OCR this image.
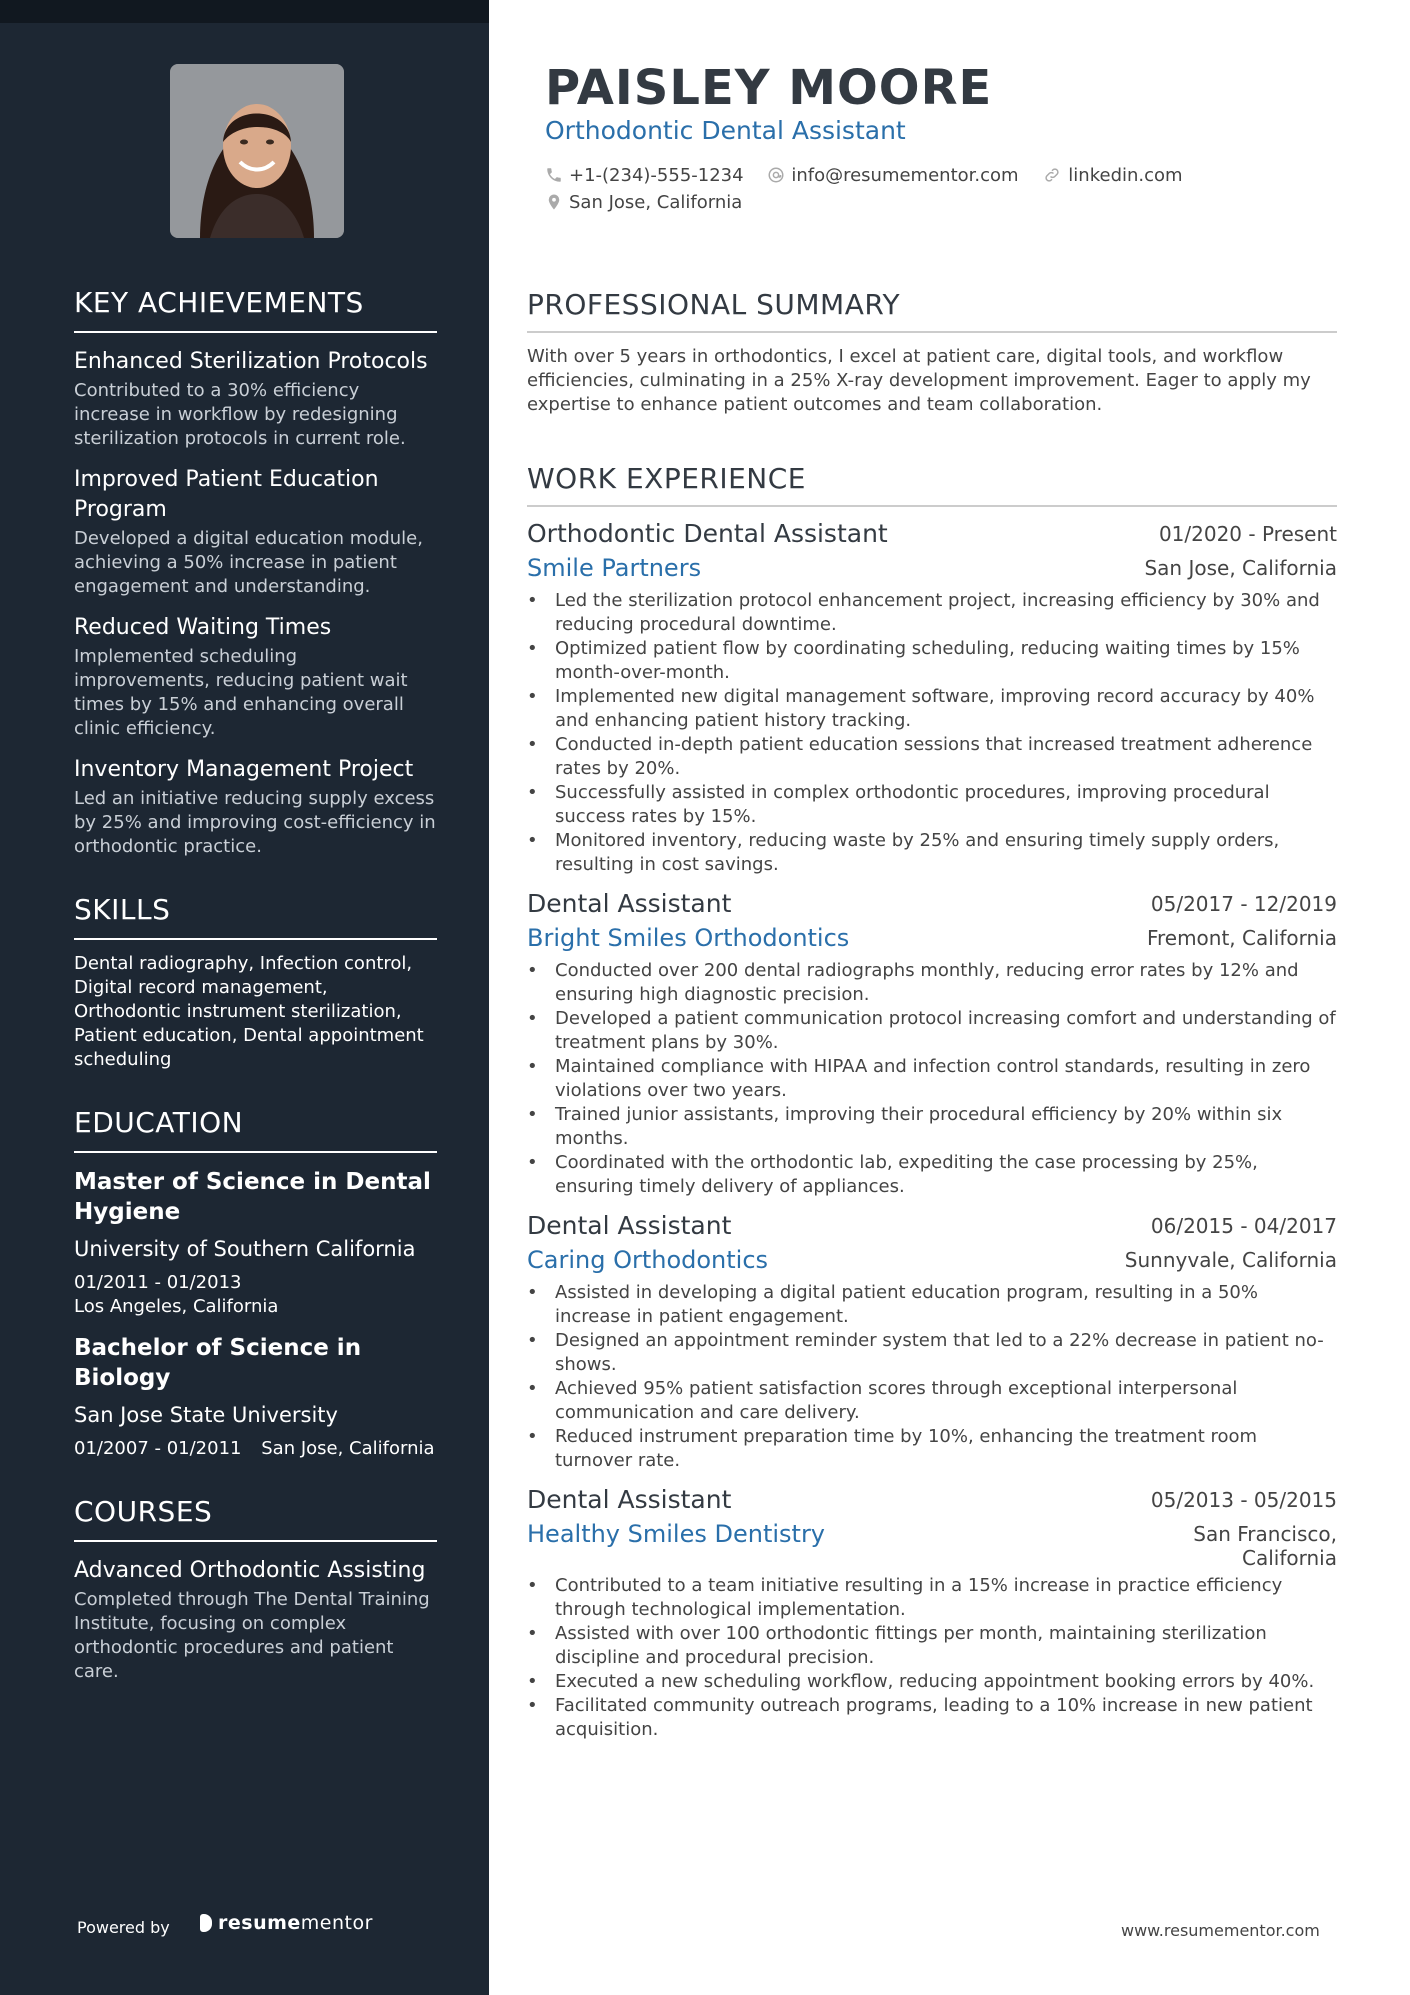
KEY ACHIEVEMENTS
Enhanced Sterilization Protocols
Contributed to a 30% efficiency increase in workflow by redesigning sterilization protocols in current role.
Improved Patient Education Program
Developed a digital education module, achieving a 50% increase in patient engagement and understanding.
Reduced Waiting Times
Implemented scheduling improvements, reducing patient wait times by 15% and enhancing overall clinic efficiency.
Inventory Management Project
Led an initiative reducing supply excess by 25% and improving cost-efficiency in orthodontic practice.
SKILLS
Dental radiography, Infection control, Digital record management, Orthodontic instrument sterilization, Patient education, Dental appointment scheduling
EDUCATION
Master of Science in Dental Hygiene
University of Southern California
01/2011 - 01/2013
Los Angeles, California
Bachelor of Science in Biology
San Jose State University
01/2007 - 01/2011 San Jose, California
COURSES
Advanced Orthodontic Assisting
Completed through The Dental Training Institute, focusing on complex orthodontic procedures and patient care.
Powered by	resumementor
PAISLEY MOORE
Orthodontic Dental Assistant
+1-(234)-555-1234	info@resumementor.com	linkedin.com
San Jose, California
PROFESSIONAL SUMMARY
With over 5 years in orthodontics, I excel at patient care, digital tools, and workflow efficiencies, culminating in a 25% X-ray development improvement. Eager to apply my expertise to enhance patient outcomes and team collaboration.
WORK EXPERIENCE
Orthodontic Dental Assistant	01/2020 - Present
Smile Partners	San Jose, California
• Led the sterilization protocol enhancement project, increasing efficiency by 30% and reducing procedural downtime.
• Optimized patient flow by coordinating scheduling, reducing waiting times by 15% month-over-month.
• Implemented new digital management software, improving record accuracy by 40% and enhancing patient history tracking.
• Conducted in-depth patient education sessions that increased treatment adherence rates by 20%.
• Successfully assisted in complex orthodontic procedures, improving procedural success rates by 15%.
• Monitored inventory, reducing waste by 25% and ensuring timely supply orders, resulting in cost savings.
Dental Assistant	05/2017 - 12/2019
Bright Smiles Orthodontics	Fremont, California
• Conducted over 200 dental radiographs monthly, reducing error rates by 12% and ensuring high diagnostic precision.
• Developed a patient communication protocol increasing comfort and understanding of treatment plans by 30%.
• Maintained compliance with HIPAA and infection control standards, resulting in zero violations over two years.
• Trained junior assistants, improving their procedural efficiency by 20% within six months.
• Coordinated with the orthodontic lab, expediting the case processing by 25%, ensuring timely delivery of appliances.
Dental Assistant	06/2015 - 04/2017
Caring Orthodontics	Sunnyvale, California
• Assisted in developing a digital patient education program, resulting in a 50% increase in patient engagement.
• Designed an appointment reminder system that led to a 22% decrease in patient no-shows.
• Achieved 95% patient satisfaction scores through exceptional interpersonal communication and care delivery.
• Reduced instrument preparation time by 10%, enhancing the treatment room turnover rate.
Dental Assistant	05/2013 - 05/2015
Healthy Smiles Dentistry	San Francisco, California
• Contributed to a team initiative resulting in a 15% increase in practice efficiency through technological implementation.
• Assisted with over 100 orthodontic fittings per month, maintaining sterilization discipline and procedural precision.
• Executed a new scheduling workflow, reducing appointment booking errors by 40%.
• Facilitated community outreach programs, leading to a 10% increase in new patient acquisition.
www.resumementor.com
